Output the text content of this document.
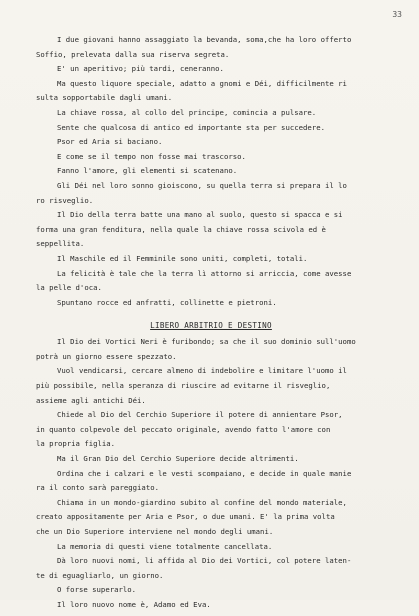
33
I due giovani hanno assaggiato la bevanda, soma,che ha loro offerto
Soffio, prelevata dalla sua riserva segreta.
E' un aperitivo; più tardi, ceneranno.
Ma questo liquore speciale, adatto a gnomi e Déi, difficilmente ri
sulta sopportabile dagli umani.
La chiave rossa, al collo del principe, comincia a pulsare.
Sente che qualcosa di antico ed importante sta per succedere.
Psor ed Aria si baciano.
E come se il tempo non fosse mai trascorso.
Fanno l'amore, gli elementi si scatenano.
Gli Déi nel loro sonno gioiscono, su quella terra si prepara il lo
ro risveglio.
Il Dio della terra batte una mano al suolo, questo si spacca e si
forma una gran fenditura, nella quale la chiave rossa scivola ed è
seppellita.
Il Maschile ed il Femminile sono uniti, completi, totali.
La felicità è tale che la terra lì attorno si arriccia, come avesse
la pelle d'oca.
Spuntano rocce ed anfratti, collinette e pietroni.
LIBERO ARBITRIO E DESTINO
Il Dio dei Vortici Neri è furibondo; sa che il suo dominio sull'uomo
potrà un giorno essere spezzato.
Vuol vendicarsi, cercare almeno di indebolire e limitare l'uomo il
più possibile, nella speranza di riuscire ad evitarne il risveglio,
assieme agli antichi Déi.
Chiede al Dio del Cerchio Superiore il potere di annientare Psor,
in quanto colpevole del peccato originale, avendo fatto l'amore con
la propria figlia.
Ma il Gran Dio del Cerchio Superiore decide altrimenti.
Ordina che i calzari e le vesti scompaiano, e decide in quale manie
ra il conto sarà pareggiato.
Chiama in un mondo-giardino subito al confine del mondo materiale,
creato appositamente per Aria e Psor, o due umani. E' la prima volta
che un Dio Superiore interviene nel mondo degli umani.
La memoria di questi viene totalmente cancellata.
Dà loro nuovi nomi, li affida al Dio dei Vortici, col potere laten-
te di eguagliarlo, un giorno.
O forse superarlo.
Il loro nuovo nome è, Adamo ed Eva.
